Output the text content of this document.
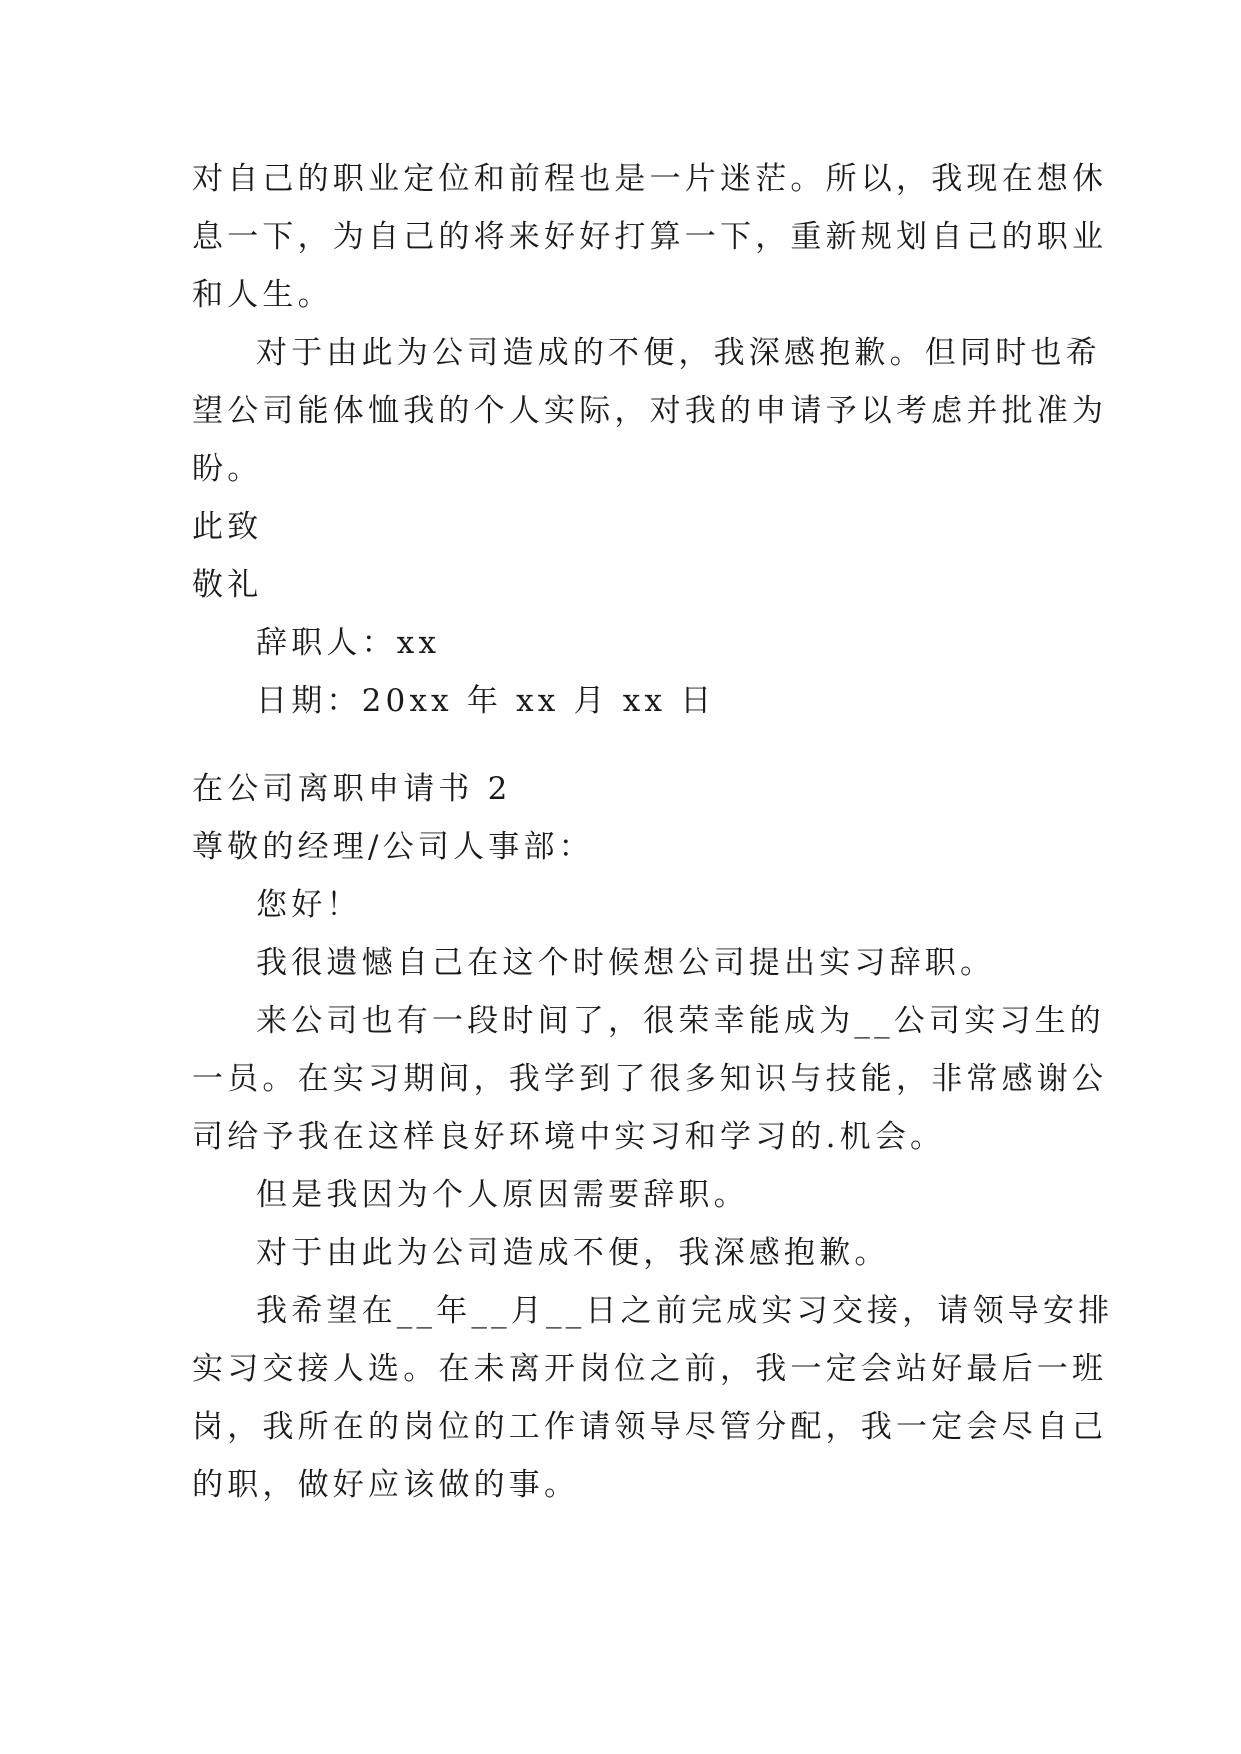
对自己的职业定位和前程也是一片迷茫。所以，我现在想休
息一下，为自己的将来好好打算一下，重新规划自己的职业
和人生。
对于由此为公司造成的不便，我深感抱歉。但同时也希
望公司能体恤我的个人实际，对我的申请予以考虑并批准为
盼。
此致
敬礼
辞职人：xx
日期：20xx 年 xx 月 xx 日
在公司离职申请书 2
尊敬的经理/公司人事部：
您好！
我很遗憾自己在这个时候想公司提出实习辞职。
来公司也有一段时间了，很荣幸能成为__公司实习生的
一员。在实习期间，我学到了很多知识与技能，非常感谢公
司给予我在这样良好环境中实习和学习的.机会。
但是我因为个人原因需要辞职。
对于由此为公司造成不便，我深感抱歉。
我希望在__年__月__日之前完成实习交接，请领导安排
实习交接人选。在未离开岗位之前，我一定会站好最后一班
岗，我所在的岗位的工作请领导尽管分配，我一定会尽自己
的职，做好应该做的事。
